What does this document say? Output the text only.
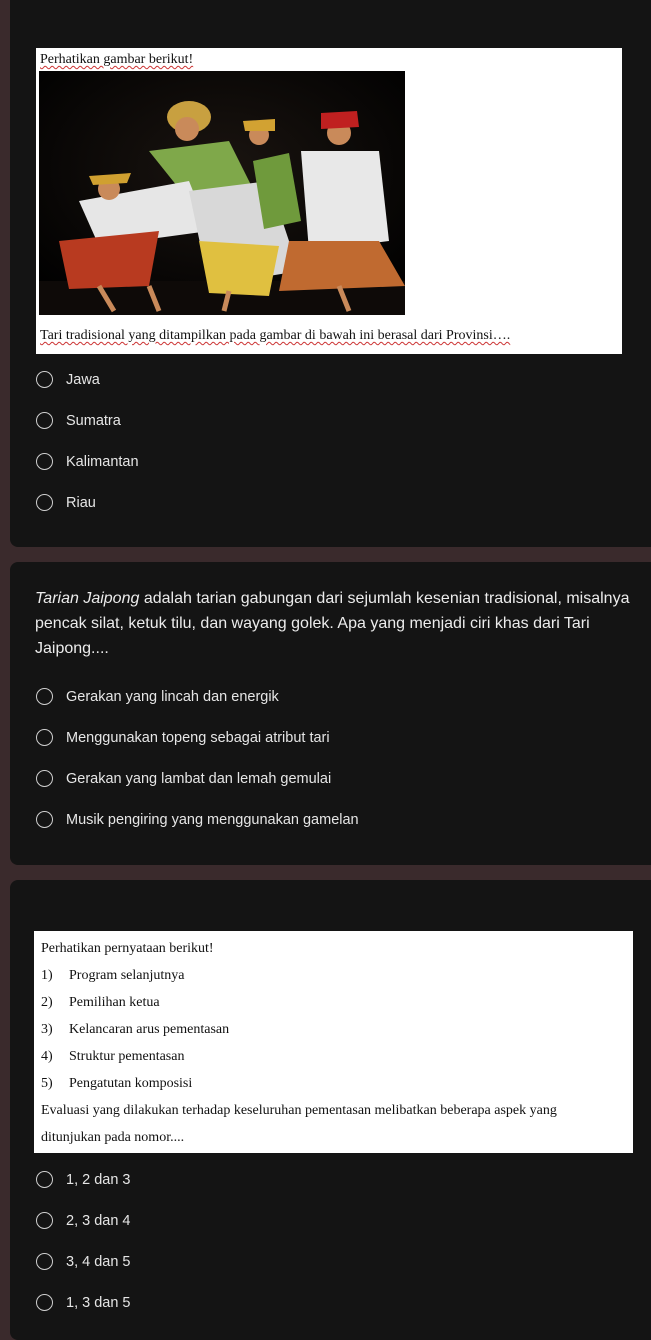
Perhatikan gambar berikut!
Tari tradisional yang ditampilkan pada gambar di bawah ini berasal dari Provinsi….
Jawa
Sumatra
Kalimantan
Riau
Tarian Jaipong adalah tarian gabungan dari sejumlah kesenian tradisional, misalnya pencak silat, ketuk tilu, dan wayang golek. Apa yang menjadi ciri khas dari Tari Jaipong....
Gerakan yang lincah dan energik
Menggunakan topeng sebagai atribut tari
Gerakan yang lambat dan lemah gemulai
Musik pengiring yang menggunakan gamelan
Perhatikan pernyataan berikut!
1) Program selanjutnya
2) Pemilihan ketua
3) Kelancaran arus pementasan
4) Struktur pementasan
5) Pengatutan komposisi
Evaluasi yang dilakukan terhadap keseluruhan pementasan melibatkan beberapa aspek yang
ditunjukan pada nomor....
1, 2 dan 3
2, 3 dan 4
3, 4 dan 5
1, 3 dan 5
